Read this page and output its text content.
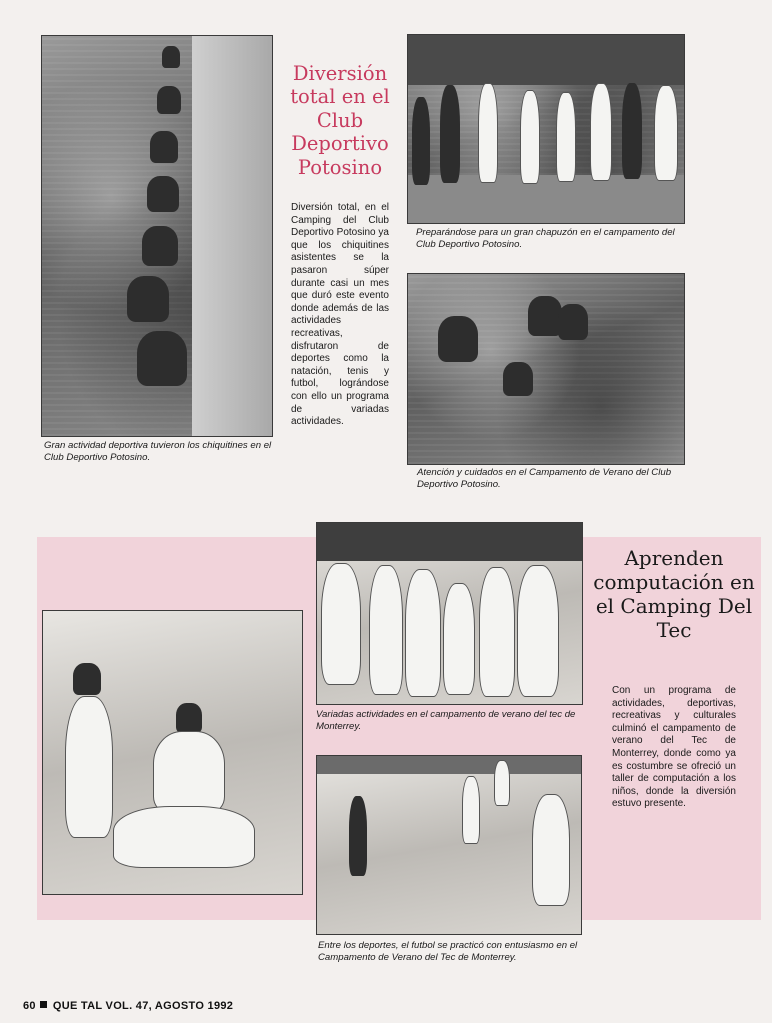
Gran actividad deportiva tuvieron los chiquitines en el Club Deportivo Potosino.
Diversión total en el Club Deportivo Potosino
Diversión total, en el Camping del Club Deportivo Potosino ya que los chiquitines asistentes se la pasaron súper durante casi un mes que duró este evento donde además de las actividades recreativas, disfrutaron de deportes como la natación, tenis y futbol, lográndose con ello un programa de variadas actividades.
Preparándose para un gran chapuzón en el campamento del Club Deportivo Potosino.
Atención y cuidados en el Campamento de Verano del Club Deportivo Potosino.
Variadas actividades en el campamento de verano del tec de Monterrey.
Aprenden computación en el Camping Del Tec
Con un programa de actividades, deportivas, recreativas y culturales culminó el campamento de verano del Tec de Monterrey, donde como ya es costumbre se ofreció un taller de computación a los niños, donde la diversión estuvo presente.
Entre los deportes, el futbol se practicó con entusiasmo en el Campamento de Verano del Tec de Monterrey.
60 QUE TAL VOL. 47, AGOSTO 1992
